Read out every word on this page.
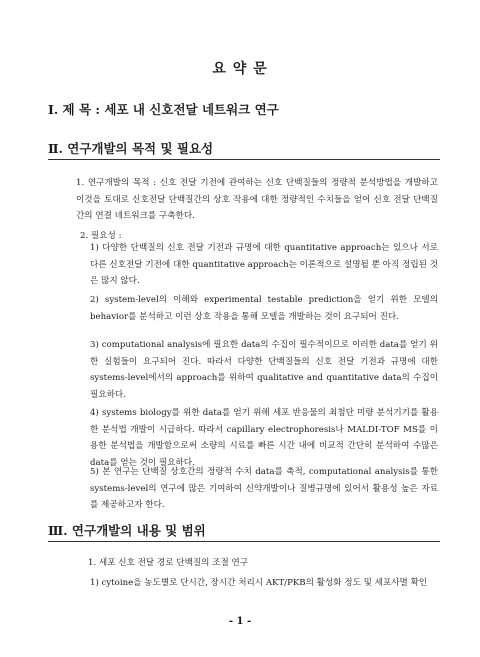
요 약 문
Ⅰ. 제 목 : 세포 내 신호전달 네트워크 연구
Ⅱ. 연구개발의 목적 및 필요성
1. 연구개발의 목적 : 신호 전달 기전에 관여하는 신호 단백질들의 정량적 분석방법을 개발하고 이것을 토대로 신호전달 단백질간의 상호 작용에 대한 정량적인 수치들을 얻어 신호 전달 단백질간의 연결 네트워크를 구축한다.
2. 필요성 :
1) 다양한 단백질의 신호 전달 기전과 규명에 대한 quantitative approach는 있으나 서로 다른 신호전달 기전에 대한 quantitative approach는 이론적으로 설명될 뿐 아직 정립된 것은 많지 않다.
2) system-level의 이해와 experimental testable prediction을 얻기 위한 모델의 behavior를 분석하고 이런 상호 작용을 통해 모델을 개발하는 것이 요구되어 진다.
3) computational analysis에 필요한 data의 수집이 필수적이므로 이러한 data를 얻기 위한 실험들이 요구되어 진다. 따라서 다양한 단백질들의 신호 전달 기전과 규명에 대한 systems-level에서의 approach를 위하여 qualitative and quantitative data의 수집이 필요하다.
4) systems biology를 위한 data를 얻기 위해 세포 반응물의 최첨단 미량 분석기기를 활용한 분석법 개발이 시급하다. 따라서 capillary electrophoresis나 MALDI-TOF MS를 이용한 분석법을 개발함으로써 소량의 시료를 빠른 시간 내에 비교적 간단히 분석하여 수많은 data를 얻는 것이 필요하다.
5) 본 연구는 단백질 상호간의 정량적 수치 data를 축적, computational analysis를 통한 systems-level의 연구에 많은 기여하여 신약개발이나 질병규명에 있어서 활용성 높은 자료를 제공하고자 한다.
Ⅲ. 연구개발의 내용 및 범위
1. 세포 신호 전달 경로 단백질의 조절 연구
1) cytoine을 농도별로 단시간, 장시간 처리시 AKT/PKB의 활성화 정도 및 세포사멸 확인
- 1 -
